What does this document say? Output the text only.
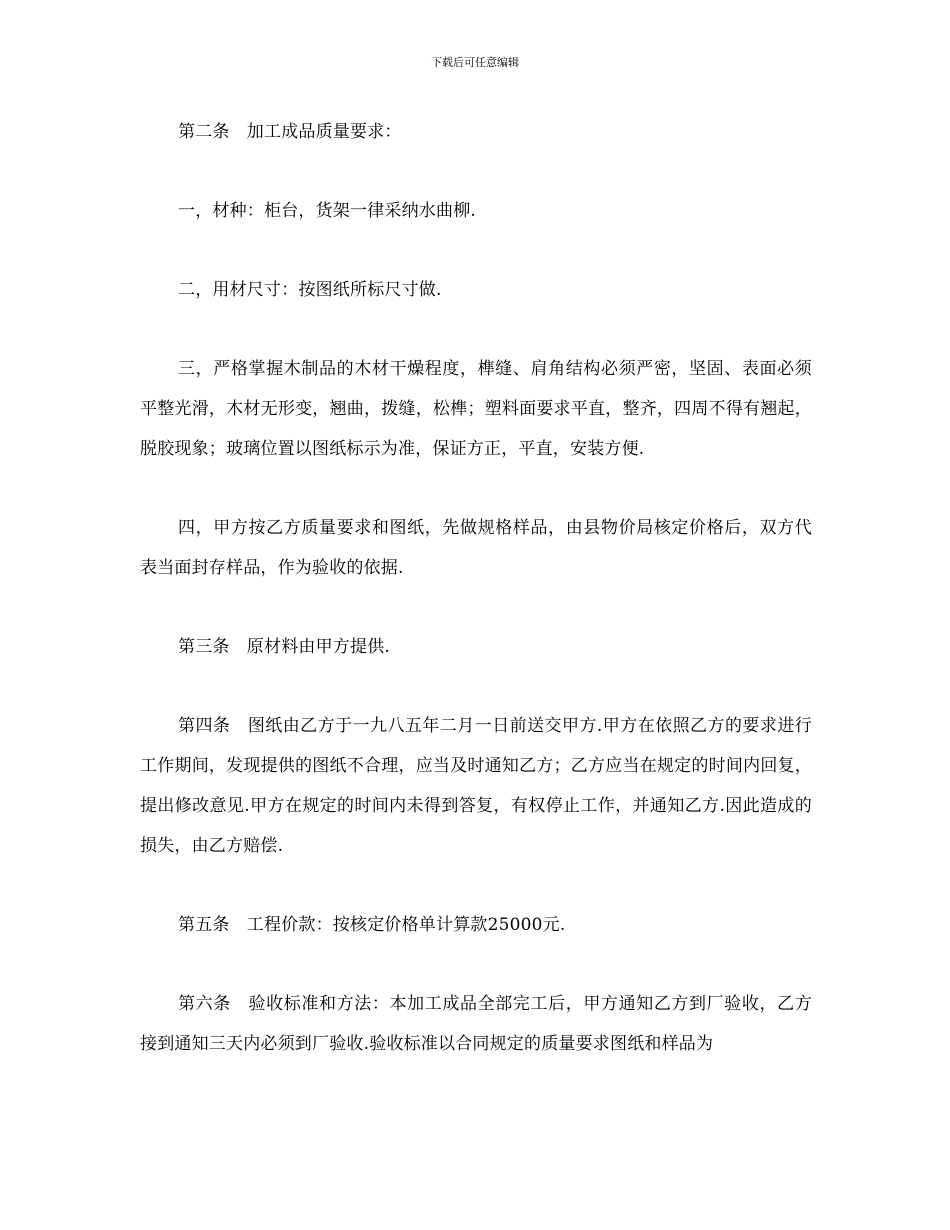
下载后可任意编辑

第二条　加工成品质量要求：

一，材种：柜台，货架一律采纳水曲柳.

二，用材尺寸：按图纸所标尺寸做.

三，严格掌握木制品的木材干燥程度，榫缝、肩角结构必须严密，坚固、表面必须平整光滑，木材无形变，翘曲，拨缝，松榫；塑料面要求平直，整齐，四周不得有翘起，脱胶现象；玻璃位置以图纸标示为准，保证方正，平直，安装方便.

四，甲方按乙方质量要求和图纸，先做规格样品，由县物价局核定价格后，双方代表当面封存样品，作为验收的依据.

第三条　原材料由甲方提供.

第四条　图纸由乙方于一九八五年二月一日前送交甲方.甲方在依照乙方的要求进行工作期间，发现提供的图纸不合理，应当及时通知乙方；乙方应当在规定的时间内回复，提出修改意见.甲方在规定的时间内未得到答复，有权停止工作，并通知乙方.因此造成的损失，由乙方赔偿.

第五条　工程价款：按核定价格单计算款25000元.

第六条　验收标准和方法：本加工成品全部完工后，甲方通知乙方到厂验收，乙方接到通知三天内必须到厂验收.验收标准以合同规定的质量要求图纸和样品为
